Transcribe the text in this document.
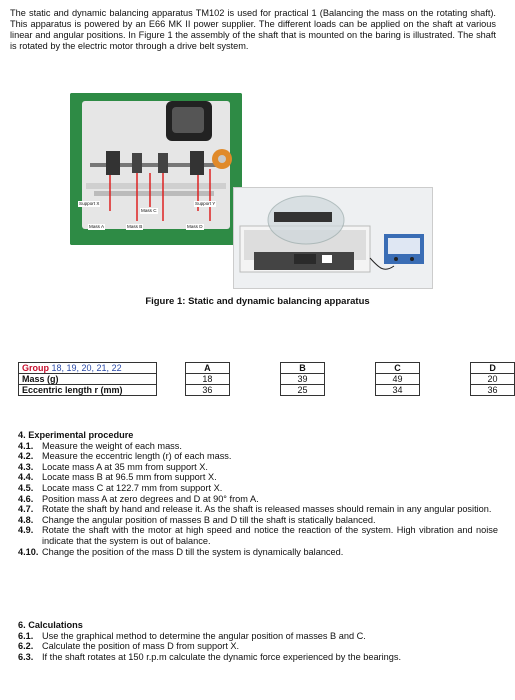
The static and dynamic balancing apparatus TM102 is used for practical 1 (Balancing the mass on the rotating shaft). This apparatus is powered by an E66 MK II power supplier. The different loads can be applied on the shaft at various linear and angular positions. In Figure 1 the assembly of the shaft that is mounted on the baring is illustrated. The shaft is rotated by the electric motor through a drive belt system.
Support X
Mass C
Support Y
Mass A	Mass B	Mass D
Figure 1: Static and dynamic balancing apparatus
Group 18, 19, 20, 21, 22		A		B		C		D
Mass (g)		18		39		49		20
Eccentric length r (mm)		36		25		34		36
4. Experimental procedure
4.1. Measure the weight of each mass.
4.2. Measure the eccentric length (r) of each mass.
4.3. Locate mass A at 35 mm from support X.
4.4. Locate mass B at 96.5 mm from support X.
4.5. Locate mass C at 122.7 mm from support X.
4.6. Position mass A at zero degrees and D at 90° from A.
4.7. Rotate the shaft by hand and release it. As the shaft is released masses should remain in any angular position.
4.8. Change the angular position of masses B and D till the shaft is statically balanced.
4.9. Rotate the shaft with the motor at high speed and notice the reaction of the system. High vibration and noise indicate that the system is out of balance.
4.10. Change the position of the mass D till the system is dynamically balanced.
6. Calculations
6.1. Use the graphical method to determine the angular position of masses B and C.
6.2. Calculate the position of mass D from support X.
6.3. If the shaft rotates at 150 r.p.m calculate the dynamic force experienced by the bearings.
